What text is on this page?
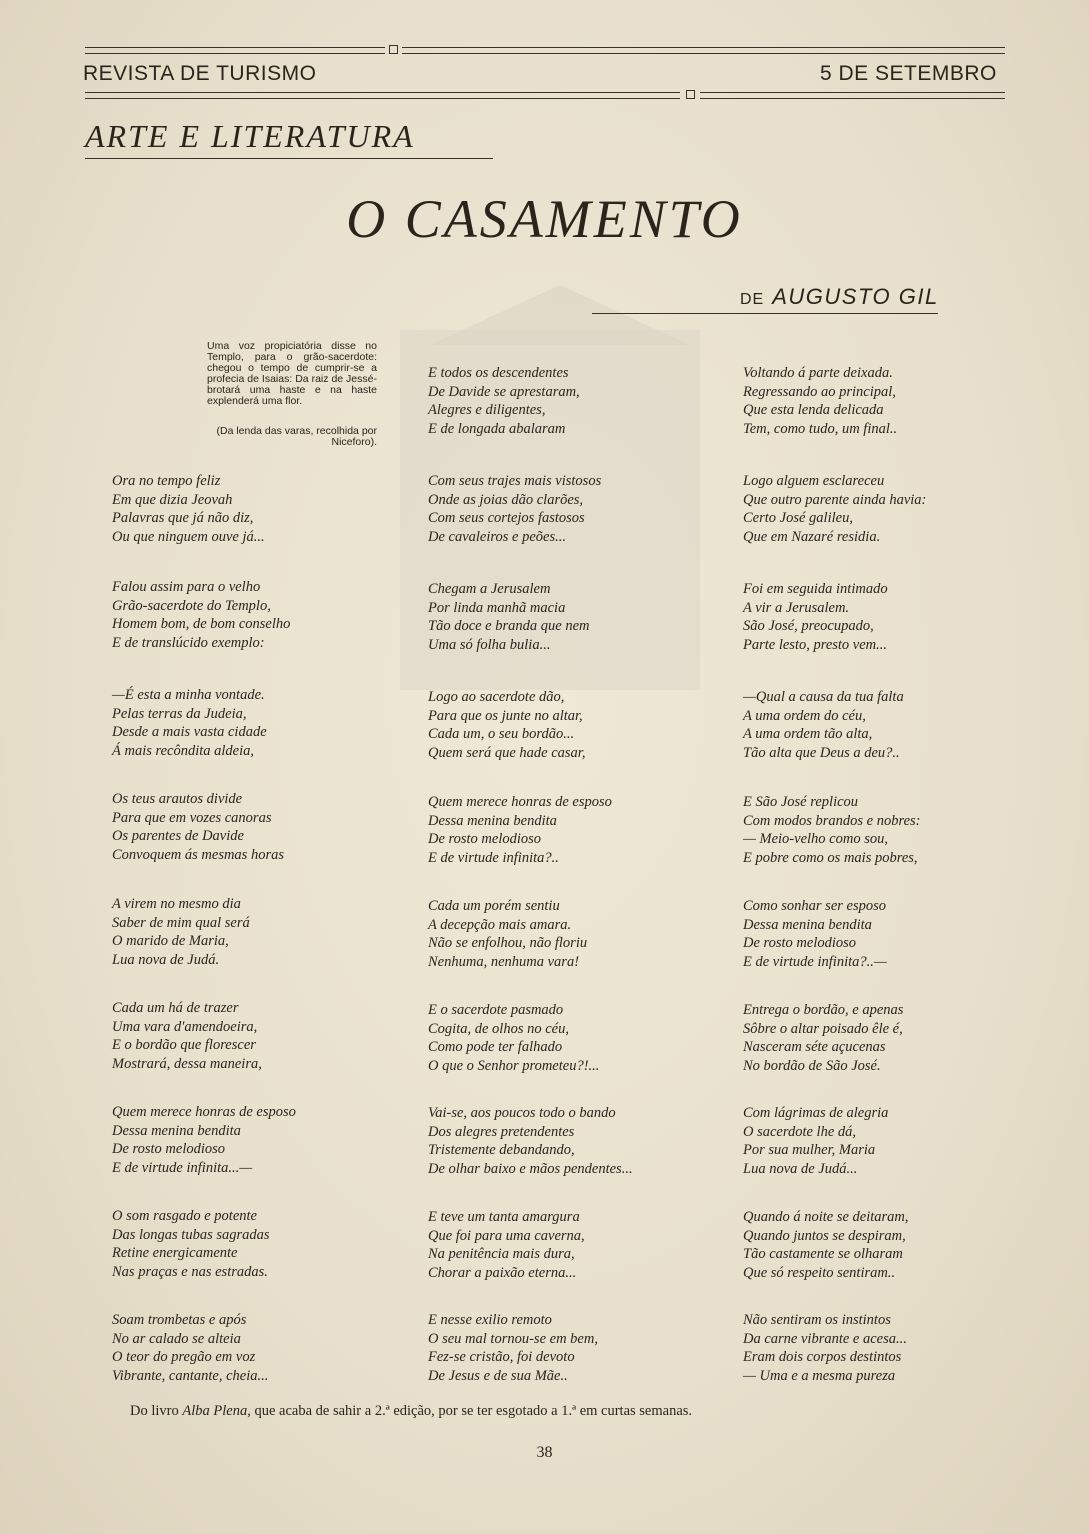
REVISTA DE TURISMO	5 DE SETEMBRO
ARTE E LITERATURA
O CASAMENTO
DE AUGUSTO GIL
Uma voz propiciatória disse no Templo, para o grão-sacerdote: chegou o tempo de cumprir-se a profecia de Isaias: Da raiz de Jessé-brotará uma haste e na haste explenderá uma flor.
(Da lenda das varas, recolhida por Niceforo).
Ora no tempo feliz
Em que dizia Jeovah
Palavras que já não diz,
Ou que ninguem ouve já...
Falou assim para o velho
Grão-sacerdote do Templo,
Homem bom, de bom conselho
E de translúcido exemplo:
—É esta a minha vontade.
Pelas terras da Judeia,
Desde a mais vasta cidade
Á mais recôndita aldeia,
Os teus arautos divide
Para que em vozes canoras
Os parentes de Davide
Convoquem ás mesmas horas
A virem no mesmo dia
Saber de mim qual será
O marido de Maria,
Lua nova de Judá.
Cada um há de trazer
Uma vara d'amendoeira,
E o bordão que florescer
Mostrará, dessa maneira,
Quem merece honras de esposo
Dessa menina bendita
De rosto melodioso
E de virtude infinita...—
O som rasgado e potente
Das longas tubas sagradas
Retine energicamente
Nas praças e nas estradas.
Soam trombetas e após
No ar calado se alteia
O teor do pregão em voz
Vibrante, cantante, cheia...
E todos os descendentes
De Davide se aprestaram,
Alegres e diligentes,
E de longada abalaram
Com seus trajes mais vistosos
Onde as joias dão clarões,
Com seus cortejos fastosos
De cavaleiros e peões...
Chegam a Jerusalem
Por linda manhã macia
Tão doce e branda que nem
Uma só folha bulia...
Logo ao sacerdote dão,
Para que os junte no altar,
Cada um, o seu bordão...
Quem será que hade casar,
Quem merece honras de esposo
Dessa menina bendita
De rosto melodioso
E de virtude infinita?..
Cada um porém sentiu
A decepção mais amara.
Não se enfolhou, não floriu
Nenhuma, nenhuma vara!
E o sacerdote pasmado
Cogita, de olhos no céu,
Como pode ter falhado
O que o Senhor prometeu?!...
Vai-se, aos poucos todo o bando
Dos alegres pretendentes
Tristemente debandando,
De olhar baixo e mãos pendentes...
E teve um tanta amargura
Que foi para uma caverna,
Na penitência mais dura,
Chorar a paixão eterna...
E nesse exilio remoto
O seu mal tornou-se em bem,
Fez-se cristão, foi devoto
De Jesus e de sua Mãe..
Voltando á parte deixada.
Regressando ao principal,
Que esta lenda delicada
Tem, como tudo, um final..
Logo alguem esclareceu
Que outro parente ainda havia:
Certo José galileu,
Que em Nazaré residia.
Foi em seguida intimado
A vir a Jerusalem.
São José, preocupado,
Parte lesto, presto vem...
—Qual a causa da tua falta
A uma ordem do céu,
A uma ordem tão alta,
Tão alta que Deus a deu?..
E São José replicou
Com modos brandos e nobres:
— Meio-velho como sou,
E pobre como os mais pobres,
Como sonhar ser esposo
Dessa menina bendita
De rosto melodioso
E de virtude infinita?..—
Entrega o bordão, e apenas
Sôbre o altar poisado êle é,
Nasceram séte açucenas
No bordão de São José.
Com lágrimas de alegria
O sacerdote lhe dá,
Por sua mulher, Maria
Lua nova de Judá...
Quando á noite se deitaram,
Quando juntos se despiram,
Tão castamente se olharam
Que só respeito sentiram..
Não sentiram os instintos
Da carne vibrante e acesa...
Eram dois corpos destintos
— Uma e a mesma pureza
Do livro Alba Plena, que acaba de sahir a 2.ª edição, por se ter esgotado a 1.ª em curtas semanas.
38
